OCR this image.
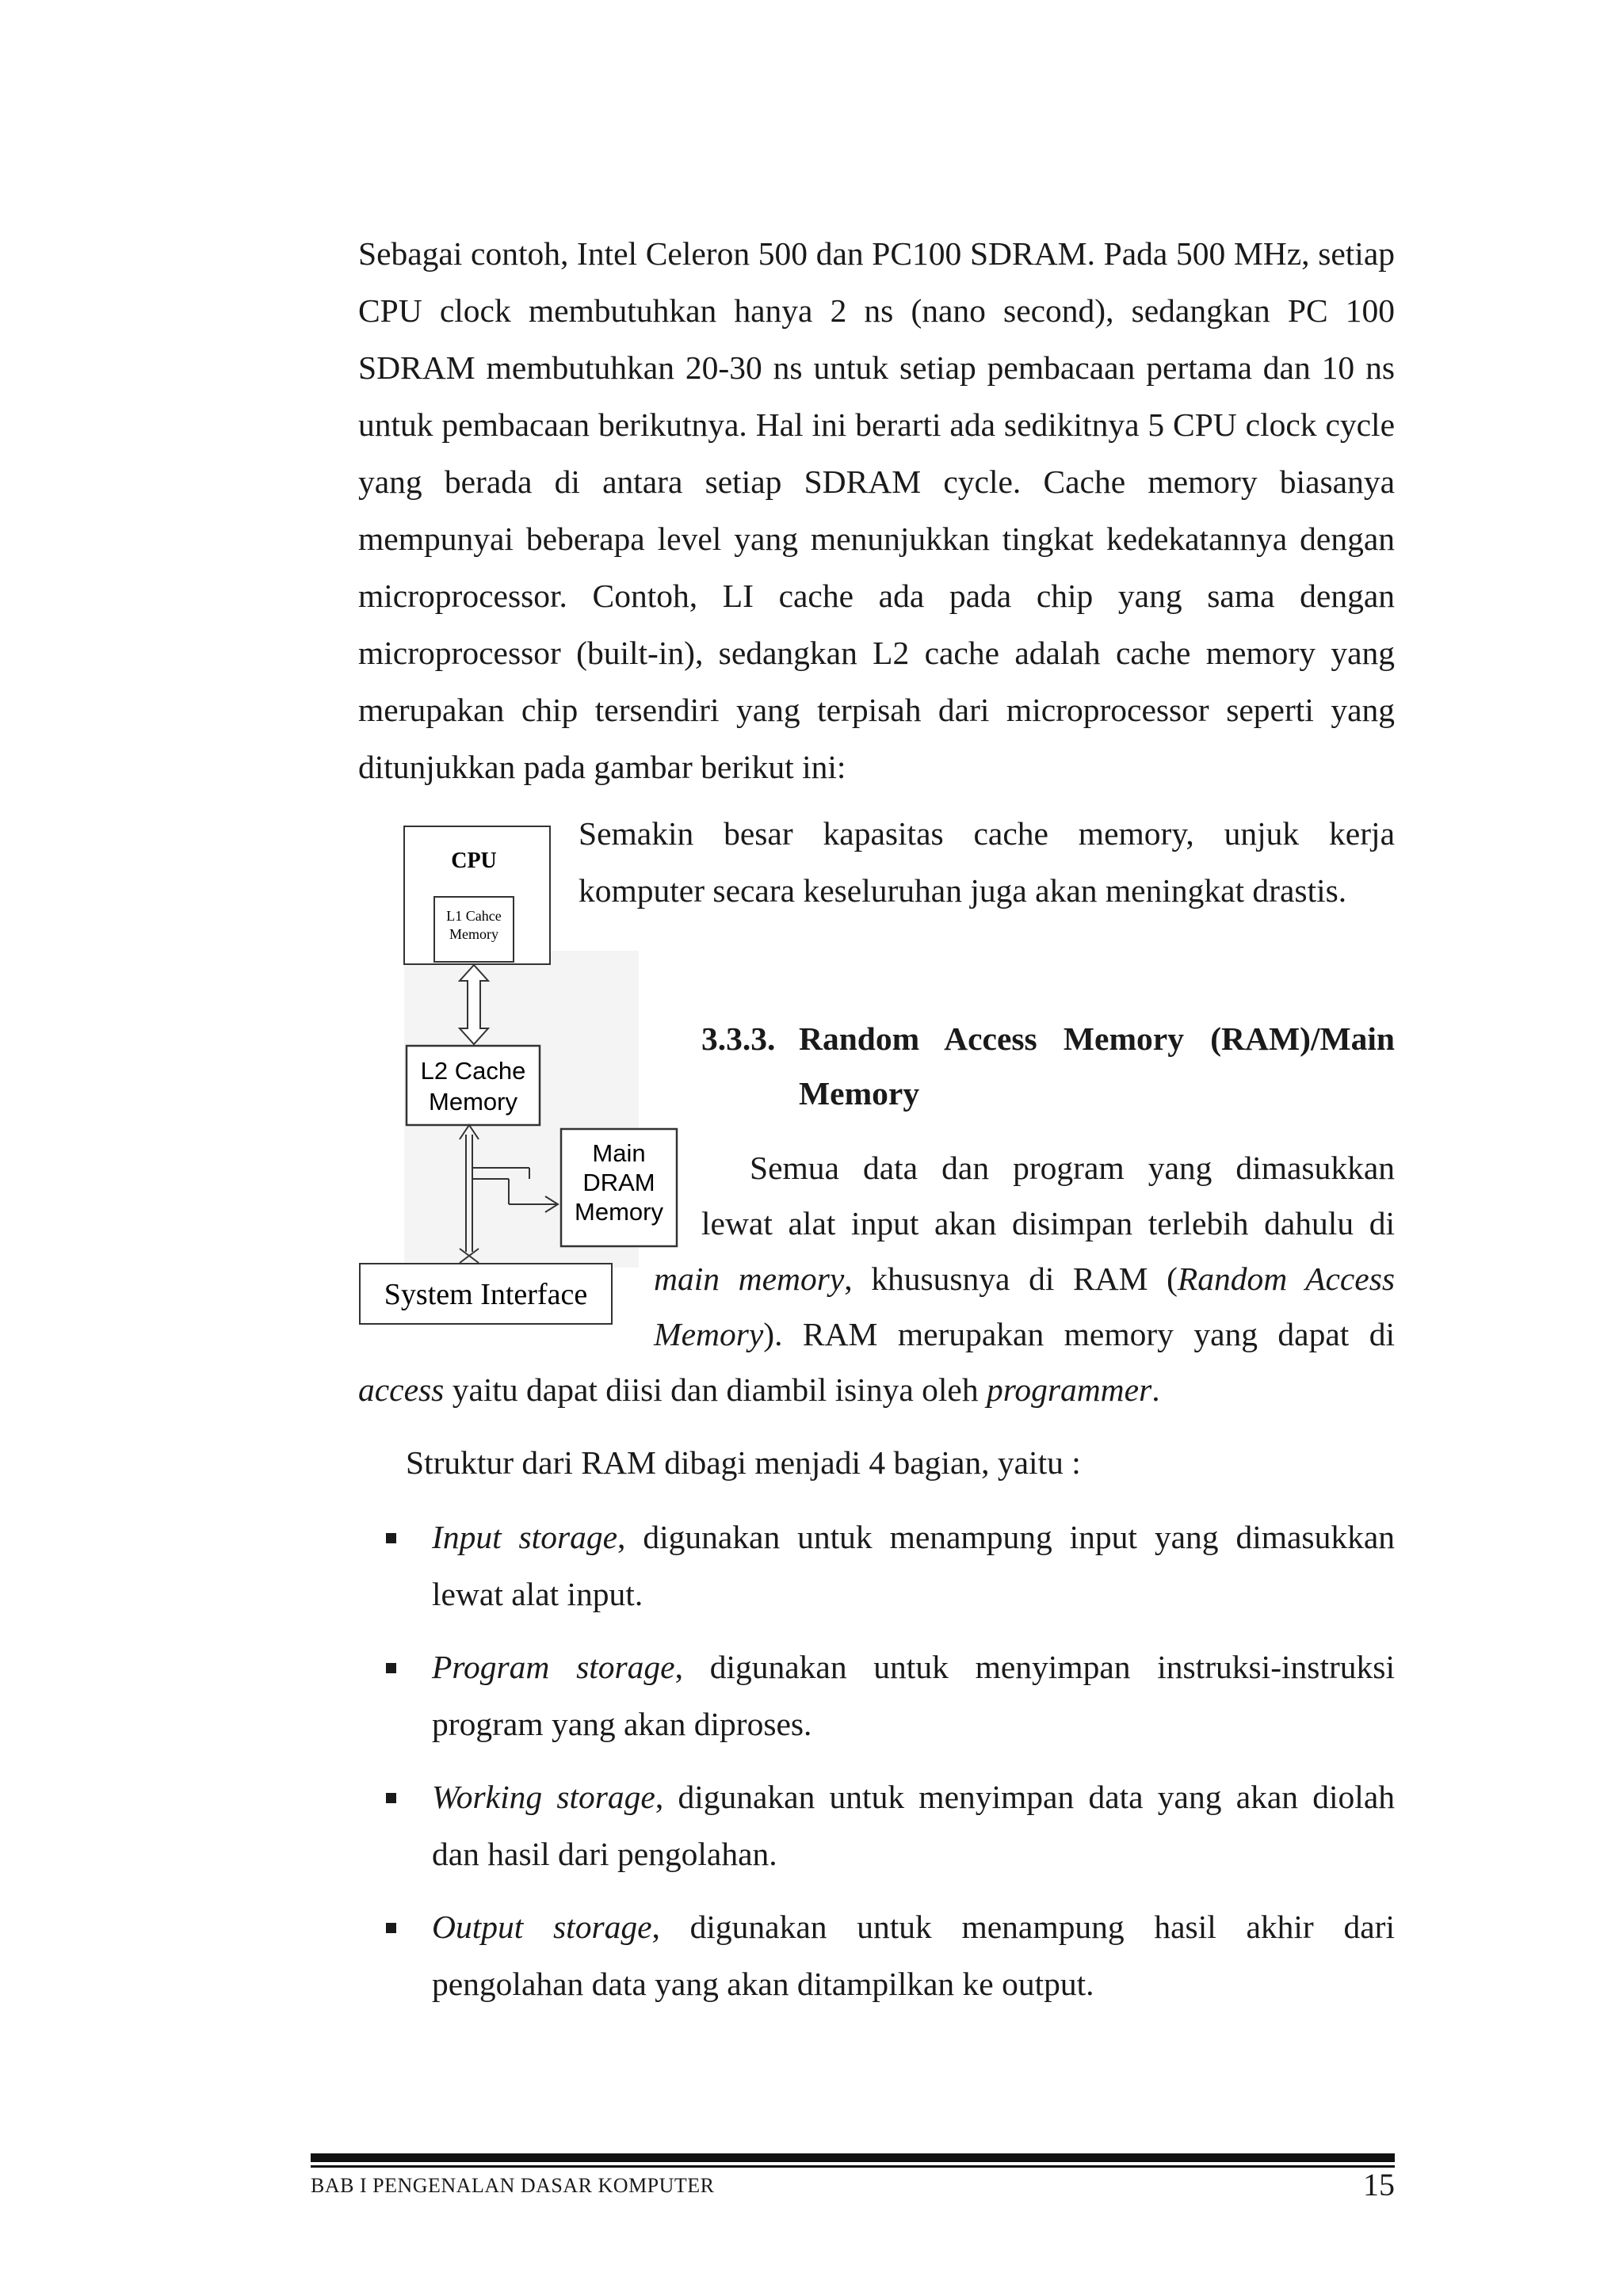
Sebagai contoh, Intel Celeron 500 dan PC100 SDRAM. Pada 500 MHz, setiap
CPU clock membutuhkan hanya 2 ns (nano second), sedangkan PC 100
SDRAM membutuhkan 20-30 ns untuk setiap pembacaan pertama dan 10 ns
untuk pembacaan berikutnya. Hal ini berarti ada sedikitnya 5 CPU clock cycle
yang berada di antara setiap SDRAM cycle. Cache memory biasanya
mempunyai beberapa level yang menunjukkan tingkat kedekatannya dengan
microprocessor. Contoh, LI cache ada pada chip yang sama dengan
microprocessor (built-in), sedangkan L2 cache adalah cache memory yang
merupakan chip tersendiri yang terpisah dari microprocessor seperti yang
ditunjukkan pada gambar berikut ini:
CPU
L1 Cahce
Memory
L2 Cache
Memory
Main
DRAM
Memory
System Interface
Semakin besar kapasitas cache memory, unjuk kerja
komputer secara keseluruhan juga akan meningkat drastis.
3.3.3. Random Access Memory (RAM)/Main
Memory
Semua data dan program yang dimasukkan
lewat alat input akan disimpan terlebih dahulu di
main memory, khususnya di RAM (Random Access
Memory). RAM merupakan memory yang dapat di
access yaitu dapat diisi dan diambil isinya oleh programmer.
Struktur dari RAM dibagi menjadi 4 bagian, yaitu :
Input storage, digunakan untuk menampung input yang dimasukkan
lewat alat input.
Program storage, digunakan untuk menyimpan instruksi-instruksi
program yang akan diproses.
Working storage, digunakan untuk menyimpan data yang akan diolah
dan hasil dari pengolahan.
Output storage, digunakan untuk menampung hasil akhir dari
pengolahan data yang akan ditampilkan ke output.
BAB I PENGENALAN DASAR KOMPUTER	15
